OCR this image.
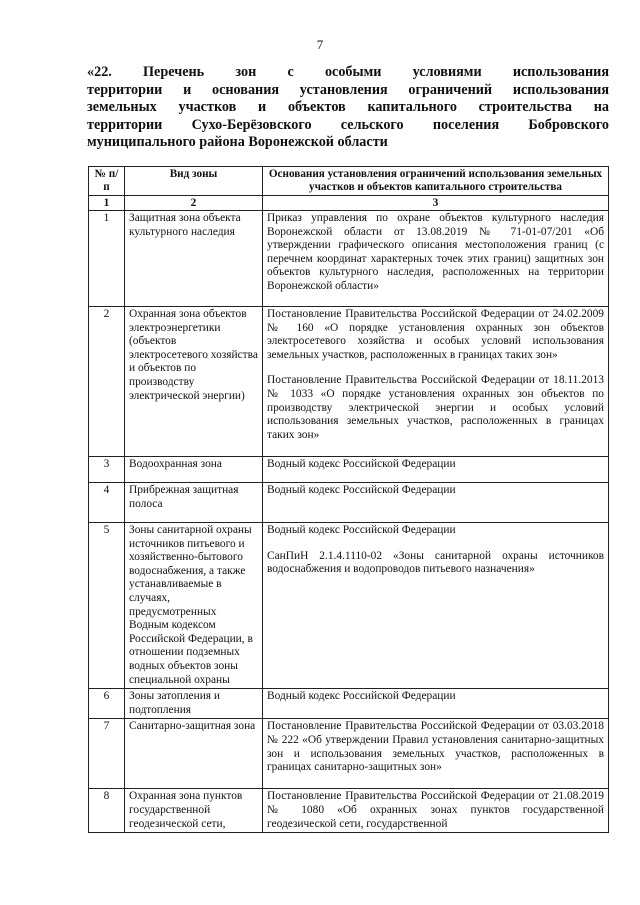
7
«22. Перечень зон с особыми условиями использования
территории и основания установления ограничений использования
земельных участков и объектов капитального строительства на
территории Сухо-Берёзовского сельского поселения Бобровского
муниципального района Воронежской области
№ п/п	Вид зоны	Основания установления ограничений использования земельных участков и объектов капитального строительства
1	2	3
1	Защитная зона объекта культурного наследия	Приказ управления по охране объектов культурного наследия Воронежской области от 13.08.2019 № 71-01-07/201 «Об утверждении графического описания местоположения границ (с перечнем координат характерных точек этих границ) защитных зон объектов культурного наследия, расположенных на территории Воронежской области»

2	Охранная зона объектов электроэнергетики (объектов электросетевого хозяйства и объектов по производству электрической энергии)	Постановление Правительства Российской Федерации от 24.02.2009 № 160 «О порядке установления охранных зон объектов электросетевого хозяйства и особых условий использования земельных участков, расположенных в границах таких зон»
Постановление Правительства Российской Федерации от 18.11.2013 № 1033 «О порядке установления охранных зон объектов по производству электрической энергии и особых условий использования земельных участков, расположенных в границах таких зон»

3	Водоохранная зона	Водный кодекс Российской Федерации

4	Прибрежная защитная полоса	Водный кодекс Российской Федерации

5	Зоны санитарной охраны источников питьевого и хозяйственно-бытового водоснабжения, а также устанавливаемые в случаях, предусмотренных Водным кодексом Российской Федерации, в отношении подземных водных объектов зоны специальной охраны	Водный кодекс Российской Федерации
СанПиН 2.1.4.1110-02 «Зоны санитарной охраны источников водоснабжения и водопроводов питьевого назначения»

6	Зоны затопления и подтопления	Водный кодекс Российской Федерации

7	Санитарно-защитная зона	Постановление Правительства Российской Федерации от 03.03.2018 № 222 «Об утверждении Правил установления санитарно-защитных зон и использования земельных участков, расположенных в границах санитарно-защитных зон»

8	Охранная зона пунктов государственной геодезической сети,	Постановление Правительства Российской Федерации от 21.08.2019 № 1080 «Об охранных зонах пунктов государственной геодезической сети, государственной
